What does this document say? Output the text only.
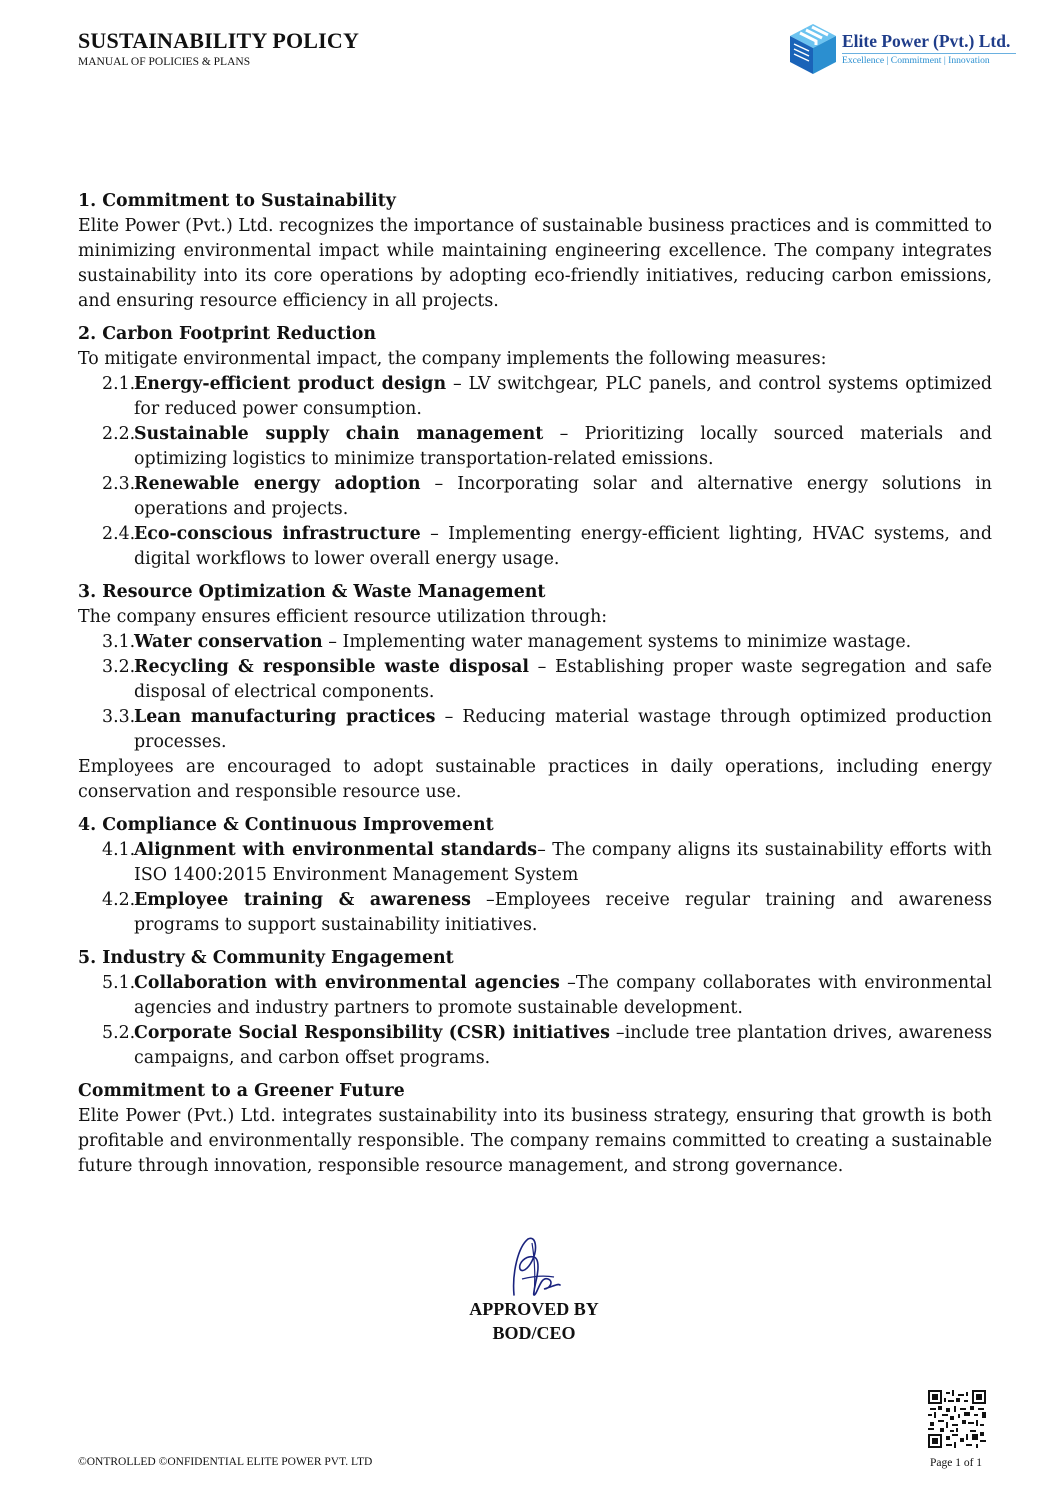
SUSTAINABILITY POLICY
MANUAL OF POLICIES & PLANS
Elite Power (Pvt.) Ltd.
Excellence | Commitment | Innovation
1. Commitment to Sustainability
Elite Power (Pvt.) Ltd. recognizes the importance of sustainable business practices and is committed to minimizing environmental impact while maintaining engineering excellence. The company integrates sustainability into its core operations by adopting eco-friendly initiatives, reducing carbon emissions, and ensuring resource efficiency in all projects.
2. Carbon Footprint Reduction
To mitigate environmental impact, the company implements the following measures:
2.1.
Energy-efficient product design – LV switchgear, PLC panels, and control systems optimized for reduced power consumption.
2.2.
Sustainable supply chain management – Prioritizing locally sourced materials and optimizing logistics to minimize transportation-related emissions.
2.3.
Renewable energy adoption – Incorporating solar and alternative energy solutions in operations and projects.
2.4.
Eco-conscious infrastructure – Implementing energy-efficient lighting, HVAC systems, and digital workflows to lower overall energy usage.
3. Resource Optimization & Waste Management
The company ensures efficient resource utilization through:
3.1.
Water conservation – Implementing water management systems to minimize wastage.
3.2.
Recycling & responsible waste disposal – Establishing proper waste segregation and safe disposal of electrical components.
3.3.
Lean manufacturing practices – Reducing material wastage through optimized production processes.
Employees are encouraged to adopt sustainable practices in daily operations, including energy conservation and responsible resource use.
4. Compliance & Continuous Improvement
4.1.
Alignment with environmental standards– The company aligns its sustainability efforts with ISO 1400:2015 Environment Management System
4.2.
Employee training & awareness –Employees receive regular training and awareness programs to support sustainability initiatives.
5. Industry & Community Engagement
5.1.
Collaboration with environmental agencies –The company collaborates with environmental agencies and industry partners to promote sustainable development.
5.2.
Corporate Social Responsibility (CSR) initiatives –include tree plantation drives, awareness campaigns, and carbon offset programs.
Commitment to a Greener Future
Elite Power (Pvt.) Ltd. integrates sustainability into its business strategy, ensuring that growth is both profitable and environmentally responsible. The company remains committed to creating a sustainable future through innovation, responsible resource management, and strong governance.
APPROVED BY
BOD/CEO
©ONTROLLED ©ONFIDENTIAL ELITE POWER PVT. LTD	Page 1 of 1
